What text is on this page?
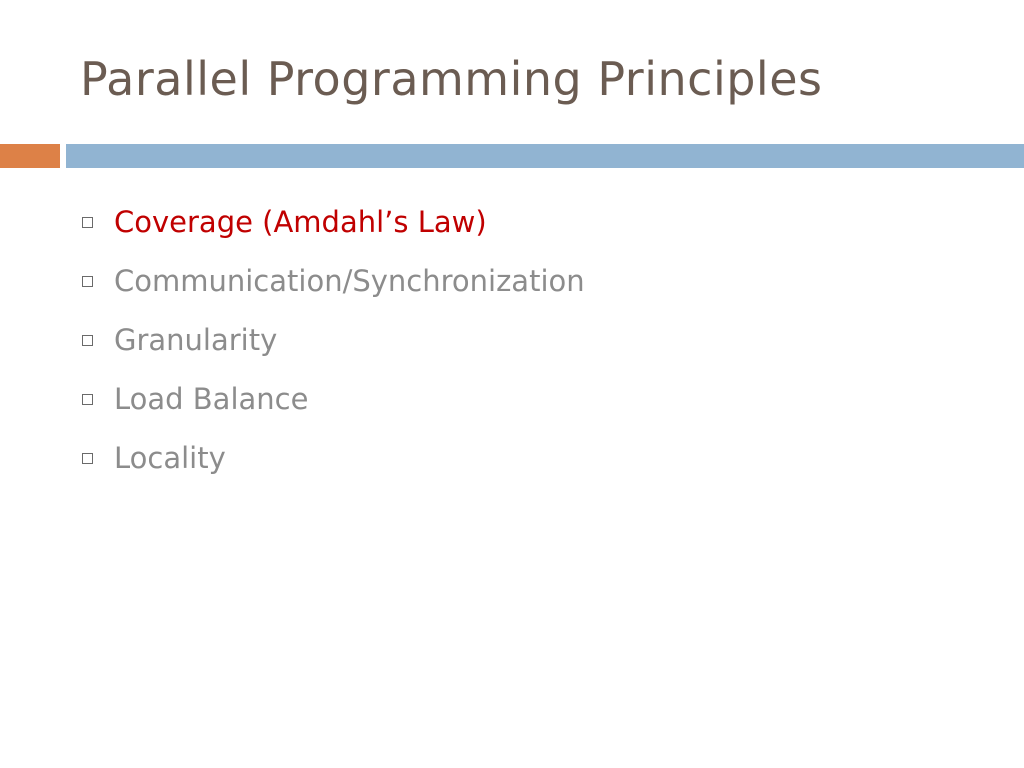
Parallel Programming Principles
Coverage (Amdahl’s Law)
Communication/Synchronization
Granularity
Load Balance
Locality
